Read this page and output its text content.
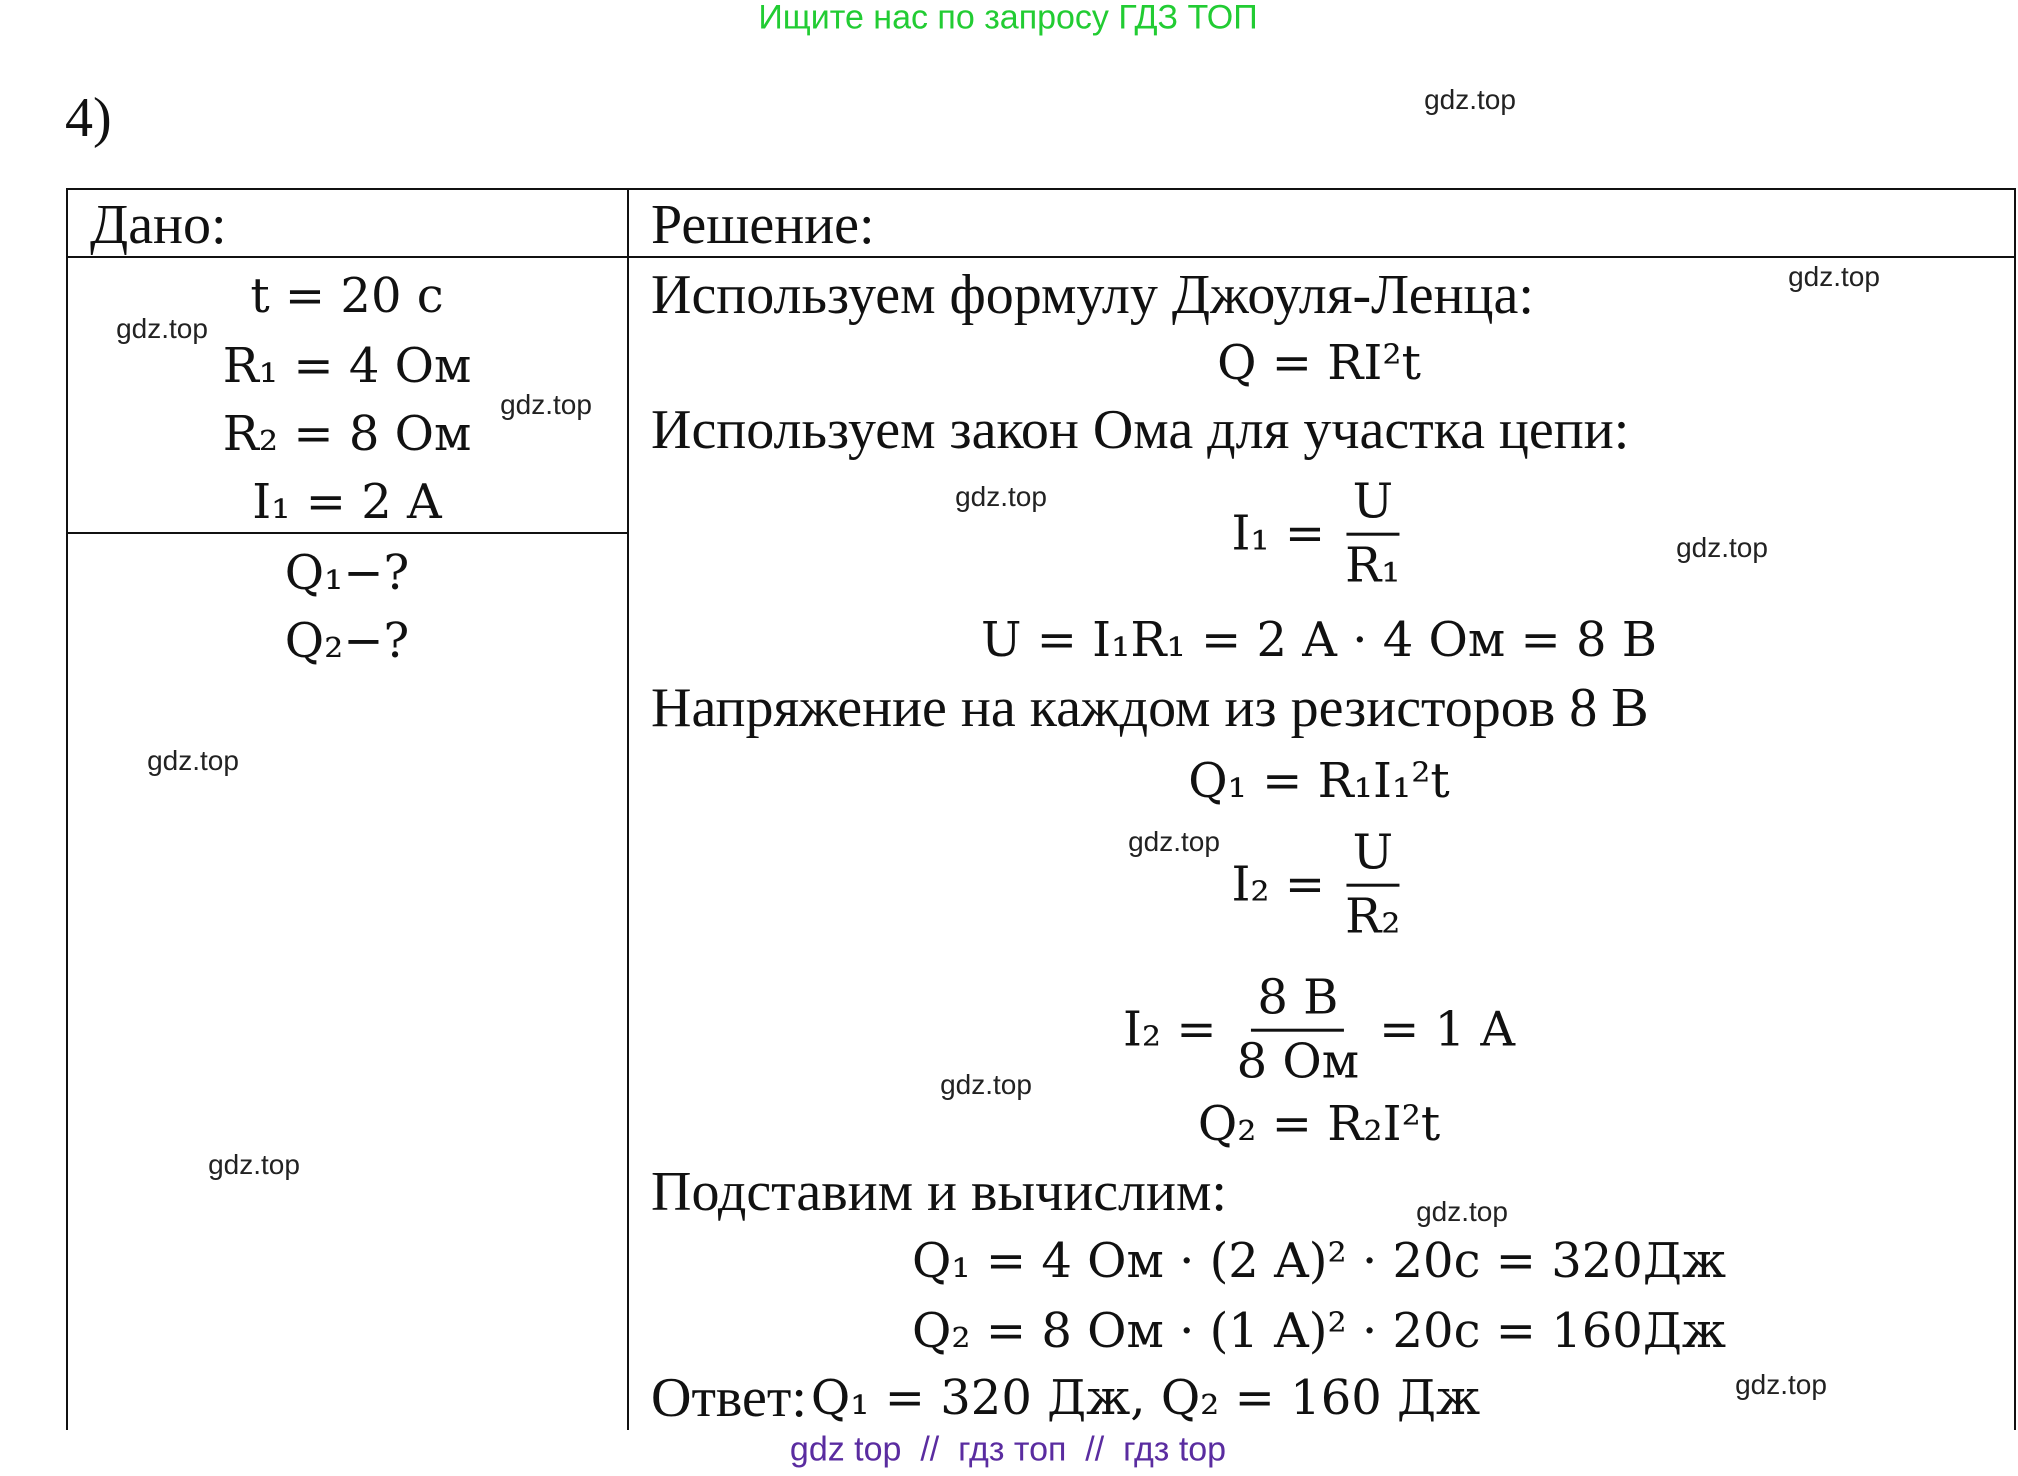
Ищите нас по запросу ГДЗ ТОП
4)
Дано:	Решение:
t = 20 c
R₁ = 4 Ом
R₂ = 8 Ом
I₁ = 2 A
Q₁−?
Q₂−?
Используем формулу Джоуля-Ленца:
Q = RI²t
Используем закон Ома для участка цепи:
$I_1 = \frac{U}{\text{R₁}}$
U = I₁R₁ = 2 A · 4 Ом = 8 В
Напряжение на каждом из резисторов 8 В
Q₁ = R₁I₁²t
$I_2 = \frac{U}{\text{R₂}}$
$I_2 = \frac{8 В}{8 Ом} = 1$ A
Q₂ = R₂I²t
Подставим и вычислим:
Q₁ = 4 Ом · (2 A)² · 20с = 320Дж
Q₂ = 8 Ом · (1 A)² · 20с = 160Дж
Ответ: Q₁ = 320 Дж, Q₂ = 160 Дж
gdz.top
gdz.top
gdz.top
gdz.top
gdz.top
gdz.top
gdz.top
gdz.top
gdz.top
gdz.top
gdz.top
gdz.top
gdz top  //  гдз топ  //  гдз top
